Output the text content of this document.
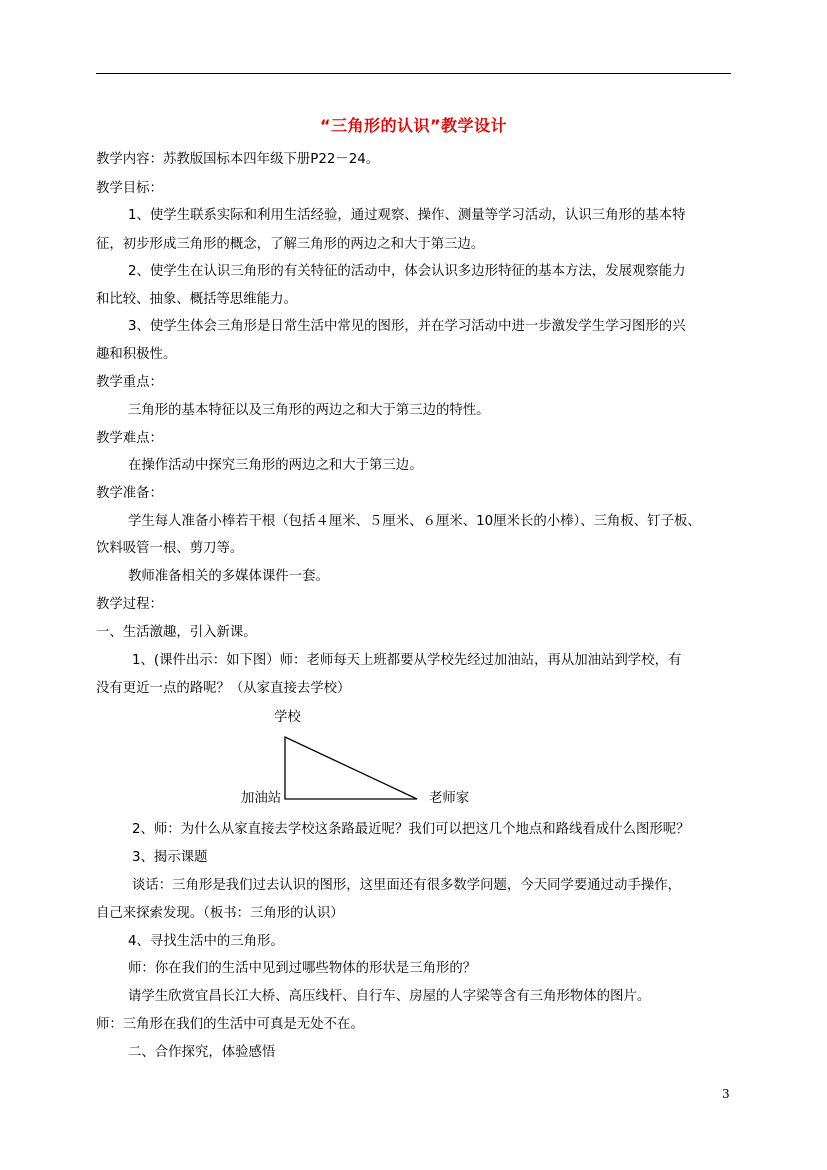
“三角形的认识”教学设计
教学内容：苏教版国标本四年级下册P22－24。
教学目标：
1、使学生联系实际和利用生活经验，通过观察、操作、测量等学习活动，认识三角形的基本特
征，初步形成三角形的概念，了解三角形的两边之和大于第三边。
2、使学生在认识三角形的有关特征的活动中，体会认识多边形特征的基本方法，发展观察能力
和比较、抽象、概括等思维能力。
3、使学生体会三角形是日常生活中常见的图形，并在学习活动中进一步激发学生学习图形的兴
趣和积极性。
教学重点：
三角形的基本特征以及三角形的两边之和大于第三边的特性。
教学难点：
在操作活动中探究三角形的两边之和大于第三边。
教学准备：
学生每人准备小棒若干根（包括４厘米、５厘米、６厘米、10厘米长的小棒）、三角板、钉子板、
饮料吸管一根、剪刀等。
教师准备相关的多媒体课件一套。
教学过程：
一、生活激趣，引入新课。
1、(课件出示：如下图）师：老师每天上班都要从学校先经过加油站，再从加油站到学校，有
没有更近一点的路呢？（从家直接去学校）
学校
加油站	老师家
2、师：为什么从家直接去学校这条路最近呢？我们可以把这几个地点和路线看成什么图形呢？
3、揭示课题
谈话：三角形是我们过去认识的图形，这里面还有很多数学问题，今天同学要通过动手操作，
自己来探索发现。（板书：三角形的认识）
4、寻找生活中的三角形。
师：你在我们的生活中见到过哪些物体的形状是三角形的？
请学生欣赏宜昌长江大桥、高压线杆、自行车、房屋的人字梁等含有三角形物体的图片。
师：三角形在我们的生活中可真是无处不在。
二、合作探究，体验感悟
3
